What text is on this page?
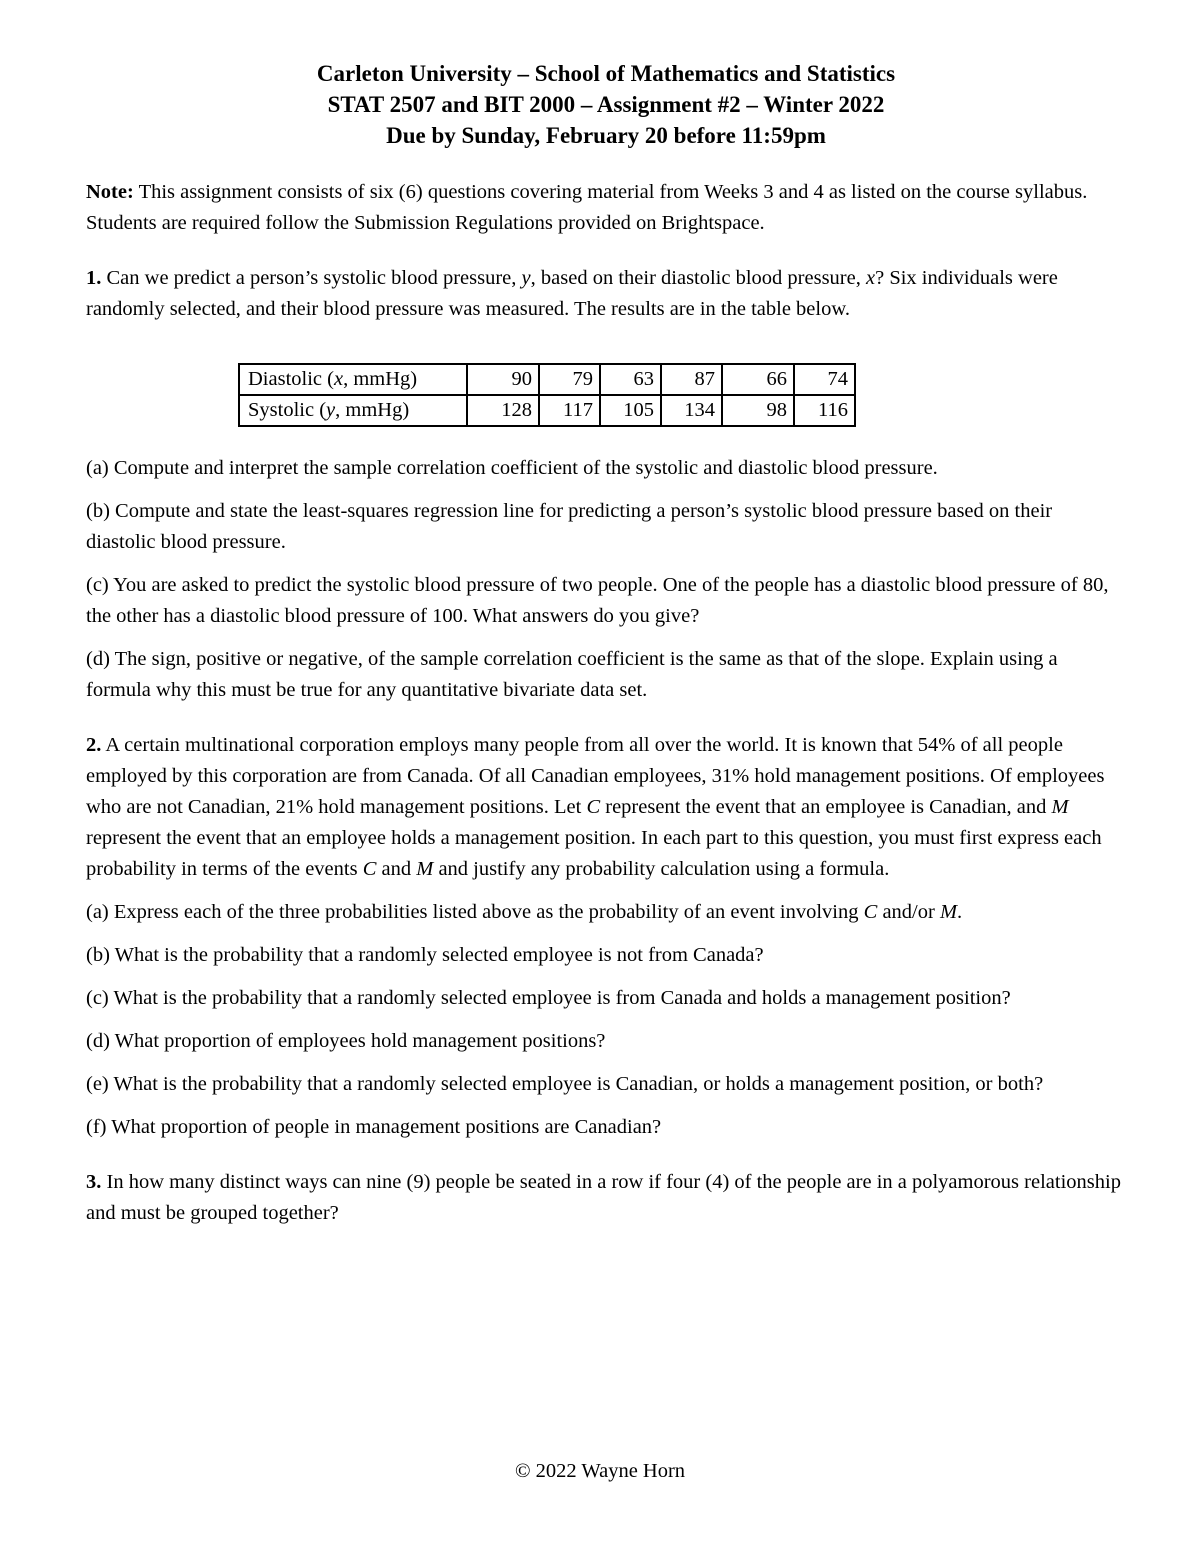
Carleton University – School of Mathematics and Statistics
STAT 2507 and BIT 2000 – Assignment #2 – Winter 2022
Due by Sunday, February 20 before 11:59pm

Note: This assignment consists of six (6) questions covering material from Weeks 3 and 4 as listed on the course syllabus. Students are required follow the Submission Regulations provided on Brightspace.

1. Can we predict a person’s systolic blood pressure, y, based on their diastolic blood pressure, x? Six individuals were randomly selected, and their blood pressure was measured. The results are in the table below.

Diastolic (x, mmHg)	90	79	63	87	66	74
Systolic (y, mmHg)	128	117	105	134	98	116

(a) Compute and interpret the sample correlation coefficient of the systolic and diastolic blood pressure.

(b) Compute and state the least-squares regression line for predicting a person’s systolic blood pressure based on their diastolic blood pressure.

(c) You are asked to predict the systolic blood pressure of two people. One of the people has a diastolic blood pressure of 80, the other has a diastolic blood pressure of 100. What answers do you give?

(d) The sign, positive or negative, of the sample correlation coefficient is the same as that of the slope. Explain using a formula why this must be true for any quantitative bivariate data set.

2. A certain multinational corporation employs many people from all over the world. It is known that 54% of all people employed by this corporation are from Canada. Of all Canadian employees, 31% hold management positions. Of employees who are not Canadian, 21% hold management positions. Let C represent the event that an employee is Canadian, and M represent the event that an employee holds a management position. In each part to this question, you must first express each probability in terms of the events C and M and justify any probability calculation using a formula.

(a) Express each of the three probabilities listed above as the probability of an event involving C and/or M.

(b) What is the probability that a randomly selected employee is not from Canada?

(c) What is the probability that a randomly selected employee is from Canada and holds a management position?

(d) What proportion of employees hold management positions?

(e) What is the probability that a randomly selected employee is Canadian, or holds a management position, or both?

(f) What proportion of people in management positions are Canadian?

3. In how many distinct ways can nine (9) people be seated in a row if four (4) of the people are in a polyamorous relationship and must be grouped together?

© 2022 Wayne Horn
